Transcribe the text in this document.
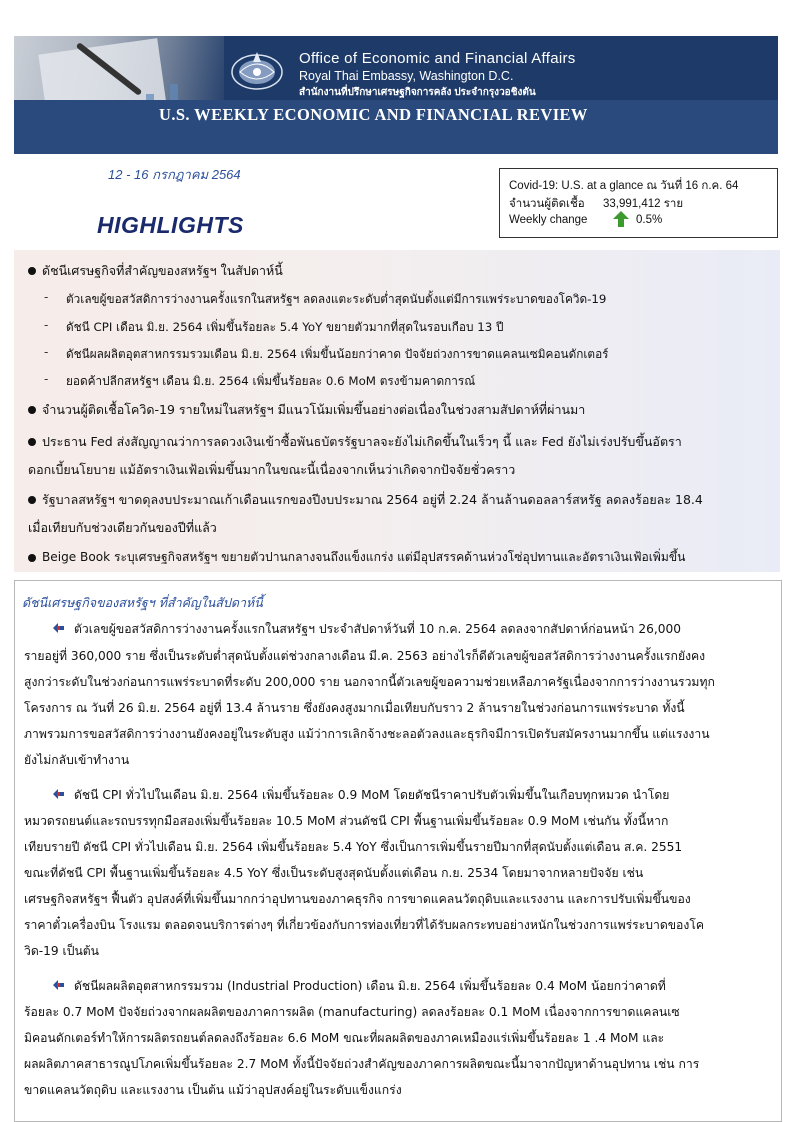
Office of Economic and Financial Affairs
Royal Thai Embassy, Washington D.C.
สำนักงานที่ปรึกษาเศรษฐกิจการคลัง ประจำกรุงวอชิงตัน
U.S. WEEKLY ECONOMIC AND FINANCIAL REVIEW
12 - 16 กรกฎาคม 2564
HIGHLIGHTS
Covid-19: U.S. at a glance ณ วันที่ 16 ก.ค. 64
จำนวนผู้ติดเชื้อ 33,991,412 ราย
Weekly change	0.5%
ดัชนีเศรษฐกิจที่สำคัญของสหรัฐฯ ในสัปดาห์นี้
- ตัวเลขผู้ขอสวัสดิการว่างงานครั้งแรกในสหรัฐฯ ลดลงแตะระดับต่ำสุดนับตั้งแต่มีการแพร่ระบาดของโควิด-19
- ดัชนี CPI เดือน มิ.ย. 2564 เพิ่มขึ้นร้อยละ 5.4 YoY ขยายตัวมากที่สุดในรอบเกือบ 13 ปี
- ดัชนีผลผลิตอุตสาหกรรมรวมเดือน มิ.ย. 2564 เพิ่มขึ้นน้อยกว่าคาด ปัจจัยถ่วงการขาดแคลนเซมิคอนดักเตอร์
- ยอดค้าปลีกสหรัฐฯ เดือน มิ.ย. 2564 เพิ่มขึ้นร้อยละ 0.6 MoM ตรงข้ามคาดการณ์
จำนวนผู้ติดเชื้อโควิด-19 รายใหม่ในสหรัฐฯ มีแนวโน้มเพิ่มขึ้นอย่างต่อเนื่องในช่วงสามสัปดาห์ที่ผ่านมา
ประธาน Fed ส่งสัญญาณว่าการลดวงเงินเข้าซื้อพันธบัตรรัฐบาลจะยังไม่เกิดขึ้นในเร็วๆ นี้ และ Fed ยังไม่เร่งปรับขึ้นอัตรา
ดอกเบี้ยนโยบาย แม้อัตราเงินเฟ้อเพิ่มขึ้นมากในขณะนี้เนื่องจากเห็นว่าเกิดจากปัจจัยชั่วคราว
รัฐบาลสหรัฐฯ ขาดดุลงบประมาณเก้าเดือนแรกของปีงบประมาณ 2564 อยู่ที่ 2.24 ล้านล้านดอลลาร์สหรัฐ ลดลงร้อยละ 18.4
เมื่อเทียบกับช่วงเดียวกันของปีที่แล้ว
Beige Book ระบุเศรษฐกิจสหรัฐฯ ขยายตัวปานกลางจนถึงแข็งแกร่ง แต่มีอุปสรรคด้านห่วงโซ่อุปทานและอัตราเงินเฟ้อเพิ่มขึ้น
ดัชนีเศรษฐกิจของสหรัฐฯ ที่สำคัญในสัปดาห์นี้
ตัวเลขผู้ขอสวัสดิการว่างงานครั้งแรกในสหรัฐฯ ประจำสัปดาห์วันที่ 10 ก.ค. 2564 ลดลงจากสัปดาห์ก่อนหน้า 26,000
รายอยู่ที่ 360,000 ราย ซึ่งเป็นระดับต่ำสุดนับตั้งแต่ช่วงกลางเดือน มี.ค. 2563 อย่างไรก็ดีตัวเลขผู้ขอสวัสดิการว่างงานครั้งแรกยังคง
สูงกว่าระดับในช่วงก่อนการแพร่ระบาดที่ระดับ 200,000 ราย นอกจากนี้ตัวเลขผู้ขอความช่วยเหลือภาครัฐเนื่องจากการว่างงานรวมทุก
โครงการ ณ วันที่ 26 มิ.ย. 2564 อยู่ที่ 13.4 ล้านราย ซึ่งยังคงสูงมากเมื่อเทียบกับราว 2 ล้านรายในช่วงก่อนการแพร่ระบาด ทั้งนี้
ภาพรวมการขอสวัสดิการว่างงานยังคงอยู่ในระดับสูง แม้ว่าการเลิกจ้างชะลอตัวลงและธุรกิจมีการเปิดรับสมัครงานมากขึ้น แต่แรงงาน
ยังไม่กลับเข้าทำงาน
ดัชนี CPI ทั่วไปในเดือน มิ.ย. 2564 เพิ่มขึ้นร้อยละ 0.9 MoM โดยดัชนีราคาปรับตัวเพิ่มขึ้นในเกือบทุกหมวด นำโดย
หมวดรถยนต์และรถบรรทุกมือสองเพิ่มขึ้นร้อยละ 10.5 MoM ส่วนดัชนี CPI พื้นฐานเพิ่มขึ้นร้อยละ 0.9 MoM เช่นกัน ทั้งนี้หาก
เทียบรายปี ดัชนี CPI ทั่วไปเดือน มิ.ย. 2564 เพิ่มขึ้นร้อยละ 5.4 YoY ซึ่งเป็นการเพิ่มขึ้นรายปีมากที่สุดนับตั้งแต่เดือน ส.ค. 2551
ขณะที่ดัชนี CPI พื้นฐานเพิ่มขึ้นร้อยละ 4.5 YoY ซึ่งเป็นระดับสูงสุดนับตั้งแต่เดือน ก.ย. 2534 โดยมาจากหลายปัจจัย เช่น
เศรษฐกิจสหรัฐฯ ฟื้นตัว อุปสงค์ที่เพิ่มขึ้นมากกว่าอุปทานของภาคธุรกิจ การขาดแคลนวัตถุดิบและแรงงาน และการปรับเพิ่มขึ้นของ
ราคาตั๋วเครื่องบิน โรงแรม ตลอดจนบริการต่างๆ ที่เกี่ยวข้องกับการท่องเที่ยวที่ได้รับผลกระทบอย่างหนักในช่วงการแพร่ระบาดของโค
วิด-19 เป็นต้น
ดัชนีผลผลิตอุตสาหกรรมรวม (Industrial Production) เดือน มิ.ย. 2564 เพิ่มขึ้นร้อยละ 0.4 MoM น้อยกว่าคาดที่
ร้อยละ 0.7 MoM ปัจจัยถ่วงจากผลผลิตของภาคการผลิต (manufacturing) ลดลงร้อยละ 0.1 MoM เนื่องจากการขาดแคลนเซ
มิคอนดักเตอร์ทำให้การผลิตรถยนต์ลดลงถึงร้อยละ 6.6 MoM ขณะที่ผลผลิตของภาคเหมืองแร่เพิ่มขึ้นร้อยละ 1 .4 MoM และ
ผลผลิตภาคสาธารณูปโภคเพิ่มขึ้นร้อยละ 2.7 MoM ทั้งนี้ปัจจัยถ่วงสำคัญของภาคการผลิตขณะนี้มาจากปัญหาด้านอุปทาน เช่น การ
ขาดแคลนวัตถุดิบ และแรงงาน เป็นต้น แม้ว่าอุปสงค์อยู่ในระดับแข็งแกร่ง
